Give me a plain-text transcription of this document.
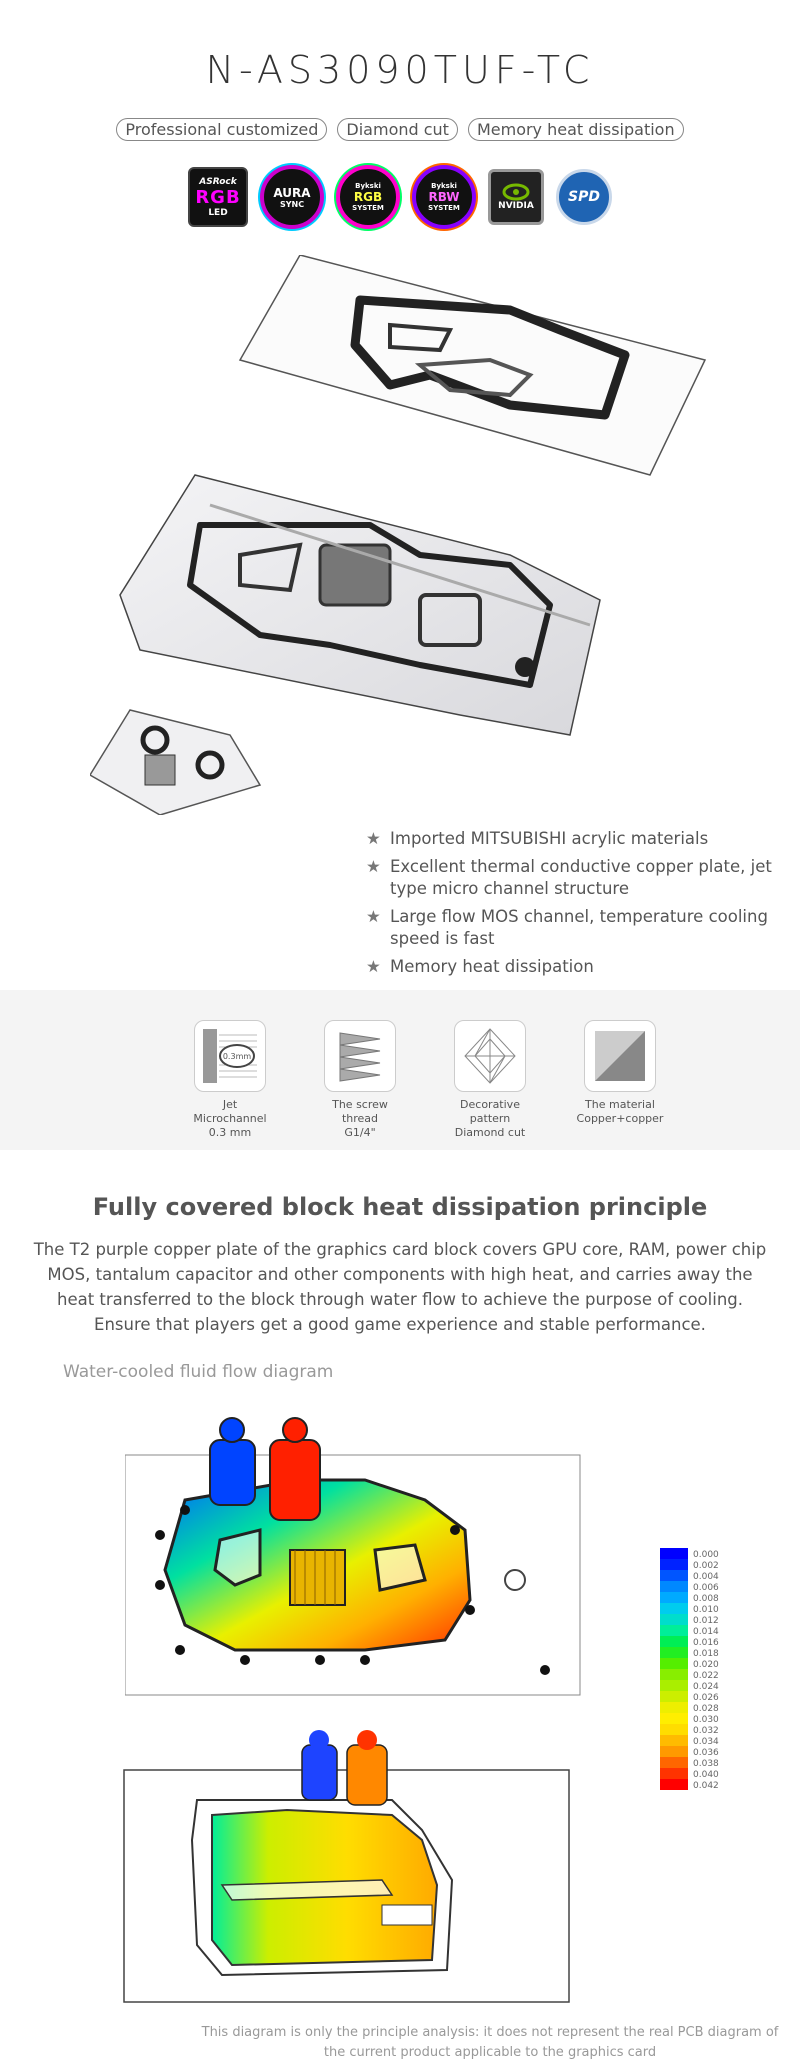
N-AS3090TUF-TC
Professional customized	Diamond cut	Memory heat dissipation
ASRock
RGB
LED
AURA
SYNC
Bykski
RGB
SYSTEM
Bykski
RBW
SYSTEM	NVIDIA
SPD
★ Imported MITSUBISHI acrylic materials
★ Excellent thermal conductive copper plate, jet type micro channel structure
★ Large flow MOS channel, temperature cooling speed is fast
★ Memory heat dissipation
0.3mm
Jet Microchannel
0.3 mm
The screw thread
G1/4"
Decorative pattern
Diamond cut
The material
Copper+copper
Fully covered block heat dissipation principle
The T2 purple copper plate of the graphics card block covers GPU core, RAM, power chip MOS, tantalum capacitor and other components with high heat, and carries away the heat transferred to the block through water flow to achieve the purpose of cooling. Ensure that players get a good game experience and stable performance.
Water-cooled fluid flow diagram
0.000
0.002
0.004
0.006
0.008
0.010
0.012
0.014
0.016
0.018
0.020
0.022
0.024
0.026
0.028
0.030
0.032
0.034
0.036
0.038
0.040
0.042
This diagram is only the principle analysis: it does not represent the real PCB diagram of the current product applicable to the graphics card
